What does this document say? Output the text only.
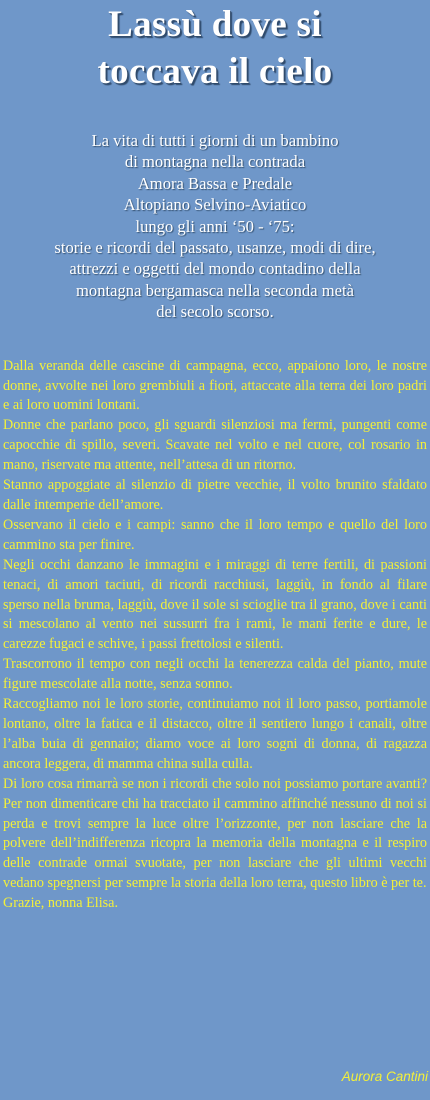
Lassù dove si
toccava il cielo
La vita di tutti i giorni di un bambino
di montagna nella contrada
Amora Bassa e Predale
Altopiano Selvino-Aviatico
lungo gli anni ‘50 - ‘75:
storie e ricordi del passato, usanze, modi di dire,
attrezzi e oggetti del mondo contadino della
montagna bergamasca nella seconda metà
del secolo scorso.

Dalla veranda delle cascine di campagna, ecco, appaiono loro, le nostre donne, avvolte nei loro grembiuli a fiori, attaccate alla terra dei loro padri e ai loro uomini lontani.

Donne che parlano poco, gli sguardi silenziosi ma fermi, pungenti come capocchie di spillo, severi. Scavate nel volto e nel cuore, col rosario in mano, riservate ma attente, nell’attesa di un ritorno.

Stanno appoggiate al silenzio di pietre vecchie, il volto brunito sfaldato dalle intemperie dell’amore.

Osservano il cielo e i campi: sanno che il loro tempo e quello del loro cammino sta per finire.

Negli occhi danzano le immagini e i miraggi di terre fertili, di passioni tenaci, di amori taciuti, di ricordi racchiusi, laggiù, in fondo al filare sperso nella bruma, laggiù, dove il sole si scioglie tra il grano, dove i canti si mescolano al vento nei sussurri fra i rami, le mani ferite e dure, le carezze fugaci e schive, i passi frettolosi e silenti.

Trascorrono il tempo con negli occhi la tenerezza calda del pianto, mute figure mescolate alla notte, senza sonno.

Raccogliamo noi le loro storie, continuiamo noi il loro passo, portiamole lontano, oltre la fatica e il distacco, oltre il sentiero lungo i canali, oltre l’alba buia di gennaio; diamo voce ai loro sogni di donna, di ragazza ancora leggera, di mamma china sulla culla.

Di loro cosa rimarrà se non i ricordi che solo noi possiamo portare avanti? Per non dimenticare chi ha tracciato il cammino affinché nessuno di noi si perda e trovi sempre la luce oltre l’orizzonte, per non lasciare che la polvere dell’indifferenza ricopra la memoria della montagna e il respiro delle contrade ormai svuotate, per non lasciare che gli ultimi vecchi vedano spegnersi per sempre la storia della loro terra, questo libro è per te.

Grazie, nonna Elisa.

Aurora Cantini
